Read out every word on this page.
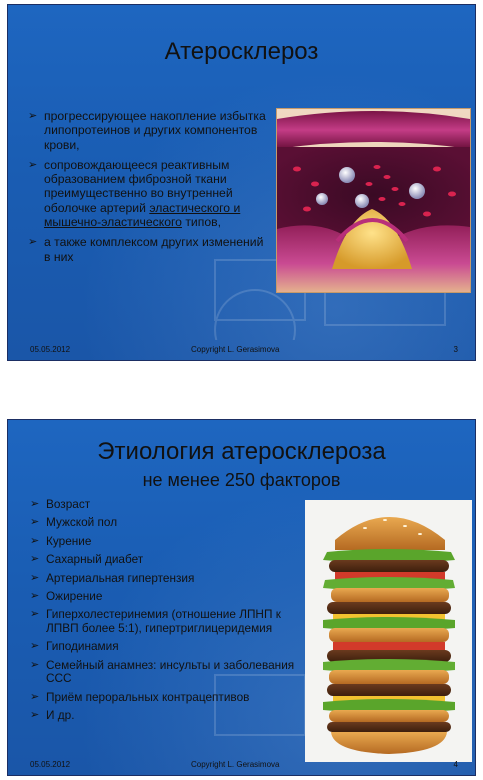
Атеросклероз
➢ прогрессирующее накопление избытка липопротеинов и других компонентов крови,
➢ сопровождающееся реактивным образованием фиброзной ткани преимущественно во внутренней оболочке артерий эластического и мышечно-эластического типов,
➢ а также комплексом других изменений в них
05.05.2012	Copyright L. Gerasimova	3
Этиология атеросклероза
не менее 250 факторов
➢ Возраст
➢ Мужской пол
➢ Курение
➢ Сахарный диабет
➢ Артериальная гипертензия
➢ Ожирение
➢ Гиперхолестеринемия (отношение ЛПНП к ЛПВП более 5:1), гипертриглицеридемия
➢ Гиподинамия
➢ Семейный анамнез: инсульты и заболевания ССС
➢ Приём пероральных контрацептивов
➢ И др.
05.05.2012	Copyright L. Gerasimova	4
